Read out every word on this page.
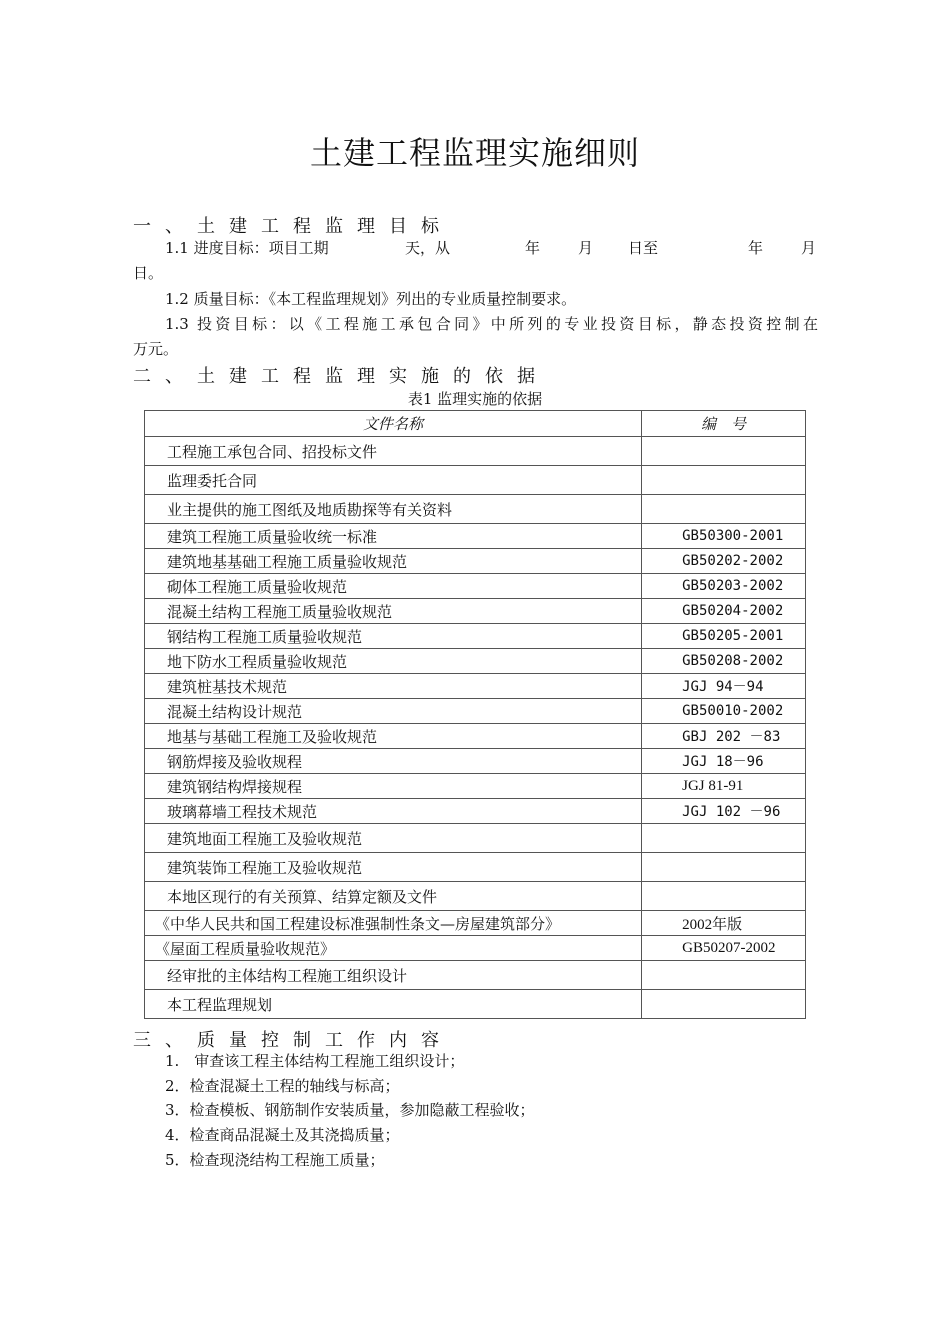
土建工程监理实施细则
一、土建工程监理目标
1.1 进度目标：项目工期	天，从	年	月 日至	年	月
日。
1.2 质量目标：《本工程监理规划》列出的专业质量控制要求。
1.3 投资目标：以《工程施工承包合同》中所列的专业投资目标，静态投资控制在
万元。
二、土建工程监理实施的依据
表1 监理实施的依据
文件名称	编　号
工程施工承包合同、招投标文件	
监理委托合同	
业主提供的施工图纸及地质勘探等有关资料	
建筑工程施工质量验收统一标准	GB50300-2001
建筑地基基础工程施工质量验收规范	GB50202-2002
砌体工程施工质量验收规范	GB50203-2002
混凝土结构工程施工质量验收规范	GB50204-2002
钢结构工程施工质量验收规范	GB50205-2001
地下防水工程质量验收规范	GB50208-2002
建筑桩基技术规范	JGJ 94－94
混凝土结构设计规范	GB50010-2002
地基与基础工程施工及验收规范	GBJ 202 －83
钢筋焊接及验收规程	JGJ 18－96
建筑钢结构焊接规程	JGJ 81-91
玻璃幕墙工程技术规范	JGJ 102 －96
建筑地面工程施工及验收规范	
建筑装饰工程施工及验收规范	
本地区现行的有关预算、结算定额及文件	
《中华人民共和国工程建设标准强制性条文—房屋建筑部分》	2002年版
《屋面工程质量验收规范》	GB50207-2002
经审批的主体结构工程施工组织设计	
本工程监理规划	
三、质量控制工作内容
1.　审查该工程主体结构工程施工组织设计；
2．检查混凝土工程的轴线与标高；
3．检查模板、钢筋制作安装质量，参加隐蔽工程验收；
4．检查商品混凝土及其浇捣质量；
5．检查现浇结构工程施工质量；
